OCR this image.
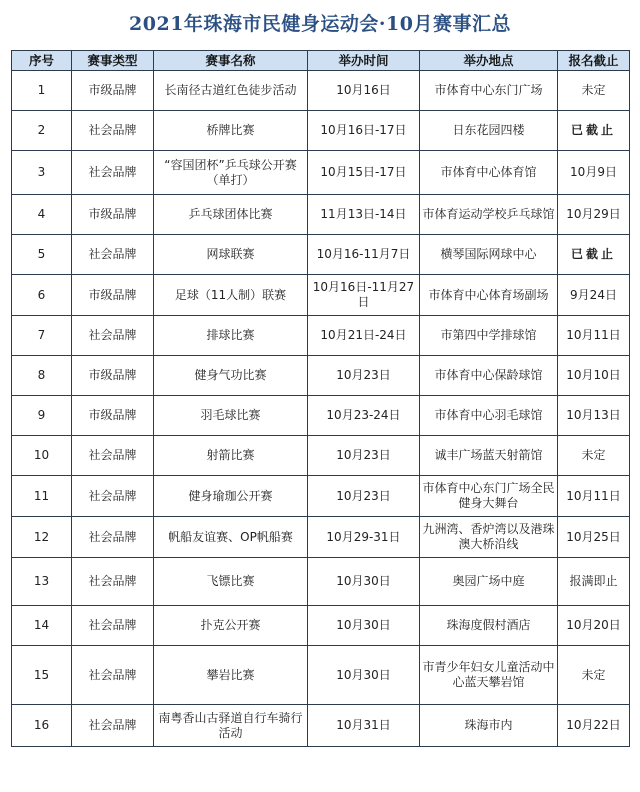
2021年珠海市民健身运动会·10月赛事汇总
序号	赛事类型	赛事名称	举办时间	举办地点	报名截止
1	市级品牌	长南径古道红色徒步活动	10月16日	市体育中心东门广场	未定
2	社会品牌	桥牌比赛	10月16日-17日	日东花园四楼	已截止
3	社会品牌	“容国团杯”乒乓球公开赛（单打）	10月15日-17日	市体育中心体育馆	10月9日
4	市级品牌	乒乓球团体比赛	11月13日-14日	市体育运动学校乒乓球馆	10月29日
5	社会品牌	网球联赛	10月16-11月7日	横琴国际网球中心	已截止
6	市级品牌	足球（11人制）联赛	10月16日-11月27日	市体育中心体育场副场	9月24日
7	社会品牌	排球比赛	10月21日-24日	市第四中学排球馆	10月11日
8	市级品牌	健身气功比赛	10月23日	市体育中心保龄球馆	10月10日
9	市级品牌	羽毛球比赛	10月23-24日	市体育中心羽毛球馆	10月13日
10	社会品牌	射箭比赛	10月23日	诚丰广场蓝天射箭馆	未定
11	社会品牌	健身瑜珈公开赛	10月23日	市体育中心东门广场全民健身大舞台	10月11日
12	社会品牌	帆船友谊赛、OP帆船赛	10月29-31日	九洲湾、香炉湾以及港珠澳大桥沿线	10月25日
13	社会品牌	飞镖比赛	10月30日	奥园广场中庭	报满即止
14	社会品牌	扑克公开赛	10月30日	珠海度假村酒店	10月20日
15	社会品牌	攀岩比赛	10月30日	市青少年妇女儿童活动中心蓝天攀岩馆	未定
16	社会品牌	南粤香山古驿道自行车骑行活动	10月31日	珠海市内	10月22日
